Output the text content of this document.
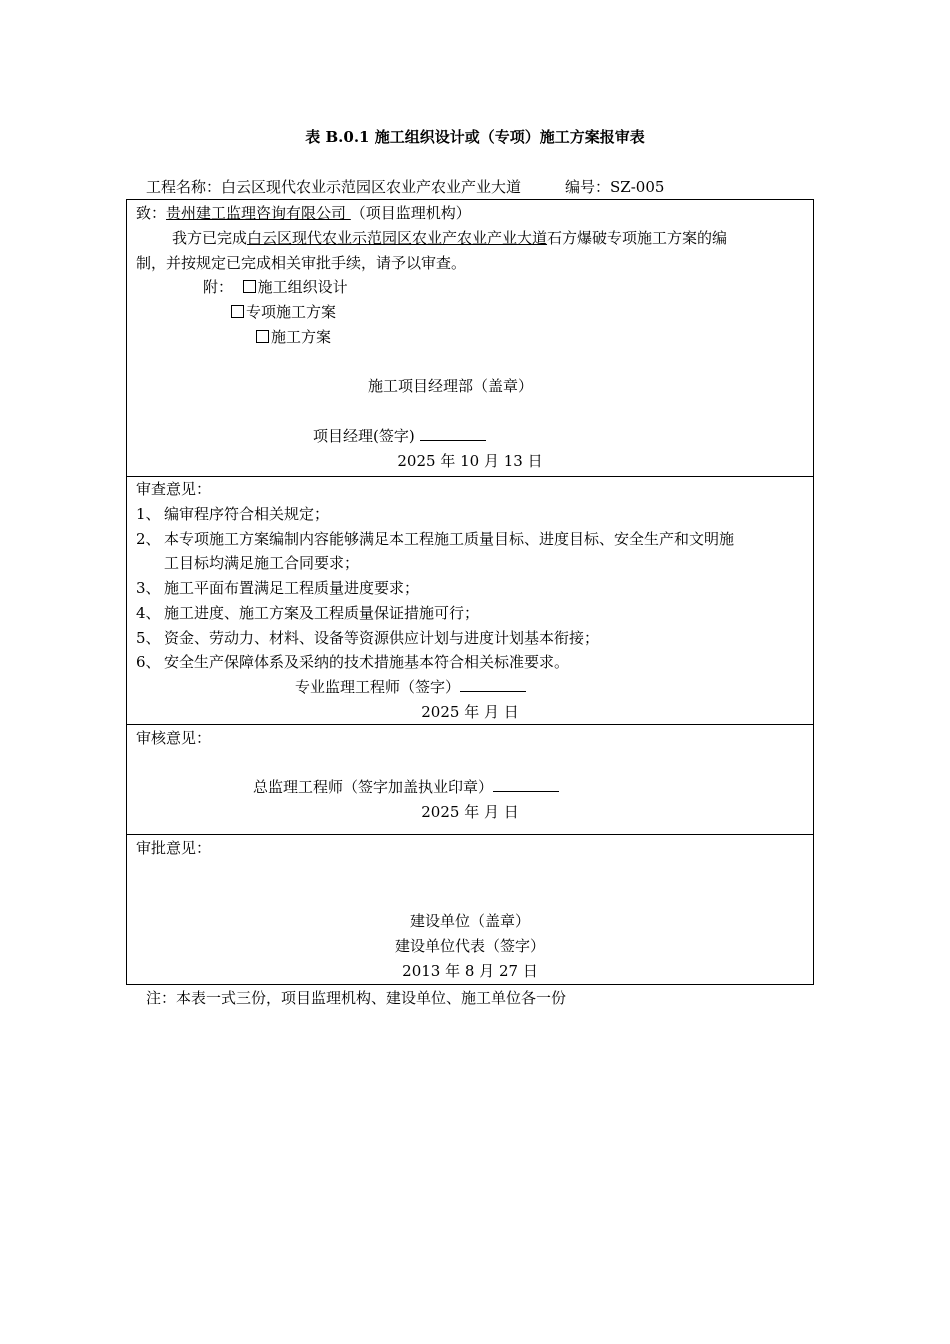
表 B.0.1 施工组织设计或（专项）施工方案报审表
工程名称：白云区现代农业示范园区农业产农业产业大道	编号：SZ-005
致：贵州建工监理咨询有限公司 （项目监理机构）
我方已完成白云区现代农业示范园区农业产农业产业大道石方爆破专项施工方案的编
制，并按规定已完成相关审批手续，请予以审查。
附： 施工组织设计
专项施工方案
施工方案
施工项目经理部（盖章）
项目经理(签字)
2025 年 10 月 13 日
审查意见：
1、 编审程序符合相关规定；
2、 本专项施工方案编制内容能够满足本工程施工质量目标、进度目标、安全生产和文明施
工目标均满足施工合同要求；
3、 施工平面布置满足工程质量进度要求；
4、 施工进度、施工方案及工程质量保证措施可行；
5、 资金、劳动力、材料、设备等资源供应计划与进度计划基本衔接；
6、 安全生产保障体系及采纳的技术措施基本符合相关标准要求。
专业监理工程师（签字）
2025 年 月 日
审核意见：
总监理工程师（签字加盖执业印章）
2025 年 月 日
审批意见：
建设单位（盖章）
建设单位代表（签字）
2013 年 8 月 27 日
注：本表一式三份，项目监理机构、建设单位、施工单位各一份
